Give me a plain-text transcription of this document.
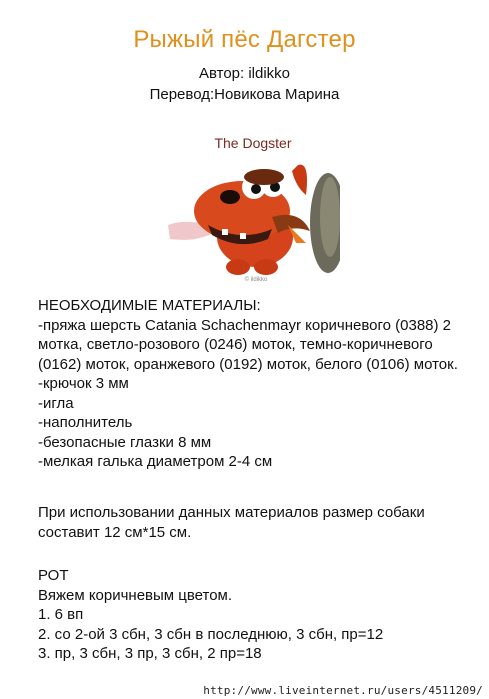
Рыжый пёс Дагстер
Автор: ildikko
Перевод:Новикова Марина
The Dogster
© ildikko
НЕОБХОДИМЫЕ МАТЕРИАЛЫ:
-пряжа шерсть Catania Schachenmayr коричневого (0388) 2
мотка, светло-розового (0246) моток, темно-коричневого
(0162) моток, оранжевого (0192) моток, белого (0106) моток.
-крючок 3 мм
-игла
-наполнитель
-безопасные глазки 8 мм
-мелкая галька диаметром 2-4 см
При использовании данных материалов размер собаки
составит 12 см*15 см.
РОТ
Вяжем коричневым цветом.
1. 6 вп
2. со 2-ой 3 сбн, 3 сбн в последнюю, 3 сбн, пр=12
3. пр, 3 сбн, 3 пр, 3 сбн, 2 пр=18
http://www.liveinternet.ru/users/4511209/
